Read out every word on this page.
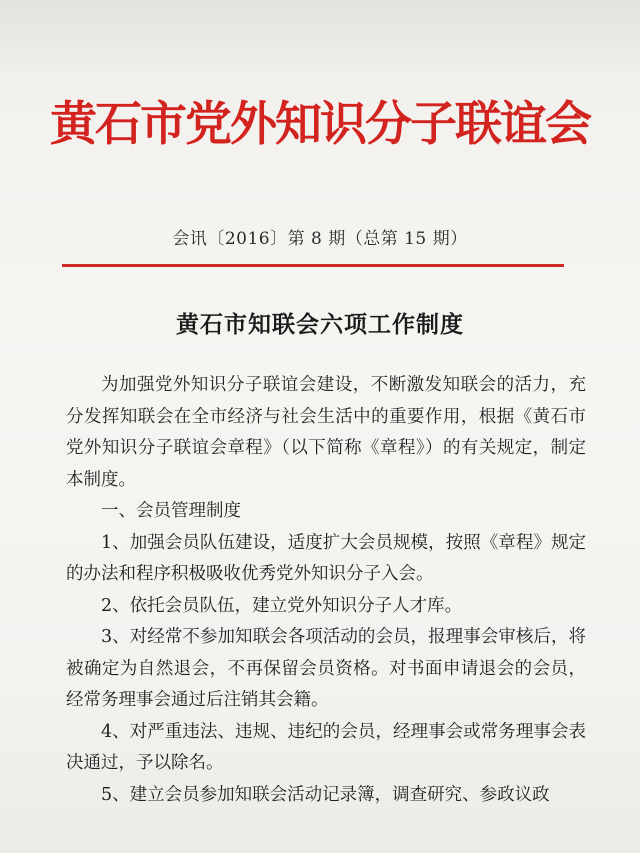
黄石市党外知识分子联谊会
会讯〔2016〕第 8 期（总第 15 期）
黄石市知联会六项工作制度

为加强党外知识分子联谊会建设，不断激发知联会的活力，充分发挥知联会在全市经济与社会生活中的重要作用，根据《黄石市党外知识分子联谊会章程》（以下简称《章程》）的有关规定，制定本制度。

一、会员管理制度

1、加强会员队伍建设，适度扩大会员规模，按照《章程》规定的办法和程序积极吸收优秀党外知识分子入会。

2、依托会员队伍，建立党外知识分子人才库。

3、对经常不参加知联会各项活动的会员，报理事会审核后，将被确定为自然退会，不再保留会员资格。对书面申请退会的会员，经常务理事会通过后注销其会籍。

4、对严重违法、违规、违纪的会员，经理事会或常务理事会表决通过，予以除名。

5、建立会员参加知联会活动记录簿，调查研究、参政议政
